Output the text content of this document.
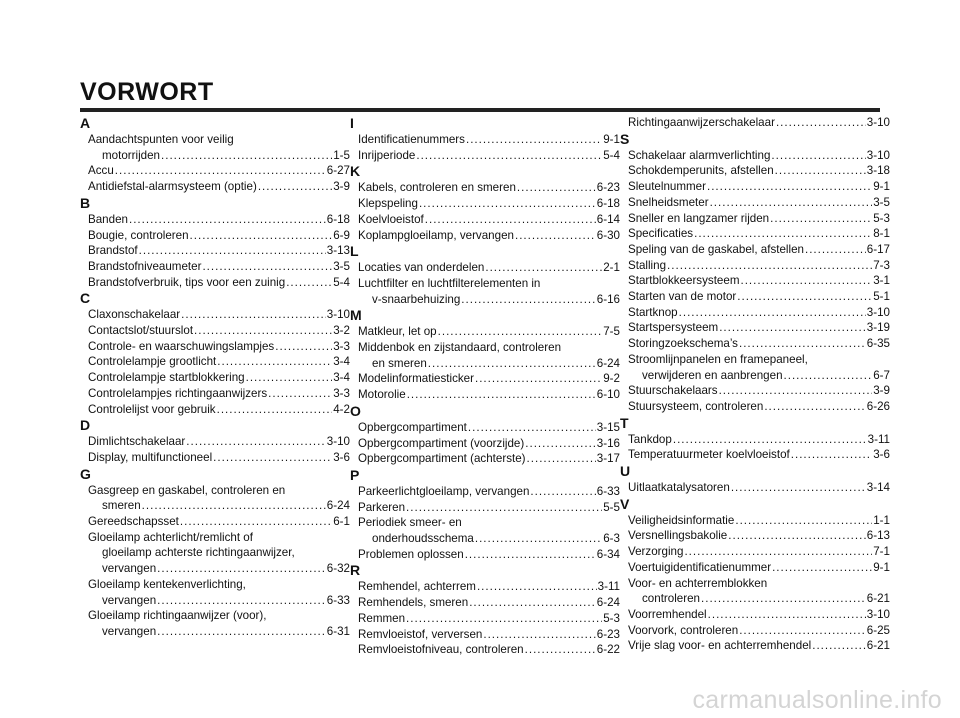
VORWORT
A
Aandachtspunten voor veilig
motorrijden .....	1-5
Accu .....	6-27
Antidiefstal-alarmsysteem (optie) .....	3-9
B
Banden .....	6-18
Bougie, controleren .....	6-9
Brandstof .....	3-13
Brandstofniveaumeter .....	3-5
Brandstofverbruik, tips voor een zuinig .....	5-4
C
Claxonschakelaar .....	3-10
Contactslot/stuurslot .....	3-2
Controle- en waarschuwingslampjes .....	3-3
Controlelampje grootlicht .....	3-4
Controlelampje startblokkering .....	3-4
Controlelampjes richtingaanwijzers .....	3-3
Controlelijst voor gebruik .....	4-2
D
Dimlichtschakelaar .....	3-10
Display, multifunctioneel .....	3-6
G
Gasgreep en gaskabel, controleren en
smeren .....	6-24
Gereedschapsset .....	6-1
Gloeilamp achterlicht/remlicht of
gloeilamp achterste richtingaanwijzer,
vervangen .....	6-32
Gloeilamp kentekenverlichting,
vervangen .....	6-33
Gloeilamp richtingaanwijzer (voor),
vervangen .....	6-31
I
Identificatienummers .....	9-1
Inrijperiode .....	5-4
K
Kabels, controleren en smeren .....	6-23
Klepspeling .....	6-18
Koelvloeistof .....	6-14
Koplampgloeilamp, vervangen .....	6-30
L
Locaties van onderdelen .....	2-1
Luchtfilter en luchtfilterelementen in
v-snaarbehuizing .....	6-16
M
Matkleur, let op .....	7-5
Middenbok en zijstandaard, controleren
en smeren .....	6-24
Modelinformatiesticker .....	9-2
Motorolie .....	6-10
O
Opbergcompartiment .....	3-15
Opbergcompartiment (voorzijde) .....	3-16
Opbergcompartiment (achterste) .....	3-17
P
Parkeerlichtgloeilamp, vervangen .....	6-33
Parkeren .....	5-5
Periodiek smeer- en
onderhoudsschema .....	6-3
Problemen oplossen .....	6-34
R
Remhendel, achterrem .....	3-11
Remhendels, smeren .....	6-24
Remmen .....	5-3
Remvloeistof, verversen .....	6-23
Remvloeistofniveau, controleren .....	6-22
Richtingaanwijzerschakelaar .....	3-10
S
Schakelaar alarmverlichting .....	3-10
Schokdemperunits, afstellen .....	3-18
Sleutelnummer .....	9-1
Snelheidsmeter .....	3-5
Sneller en langzamer rijden .....	5-3
Specificaties .....	8-1
Speling van de gaskabel, afstellen .....	6-17
Stalling .....	7-3
Startblokkeersysteem .....	3-1
Starten van de motor .....	5-1
Startknop .....	3-10
Startspersysteem .....	3-19
Storingzoekschema’s .....	6-35
Stroomlijnpanelen en framepaneel,
verwijderen en aanbrengen .....	6-7
Stuurschakelaars .....	3-9
Stuursysteem, controleren .....	6-26
T
Tankdop .....	3-11
Temperatuurmeter koelvloeistof .....	3-6
U
Uitlaatkatalysatoren .....	3-14
V
Veiligheidsinformatie .....	1-1
Versnellingsbakolie .....	6-13
Verzorging .....	7-1
Voertuigidentificatienummer .....	9-1
Voor- en achterremblokken
controleren .....	6-21
Voorremhendel .....	3-10
Voorvork, controleren .....	6-25
Vrije slag voor- en achterremhendel .....	6-21
carmanualsonline.info
